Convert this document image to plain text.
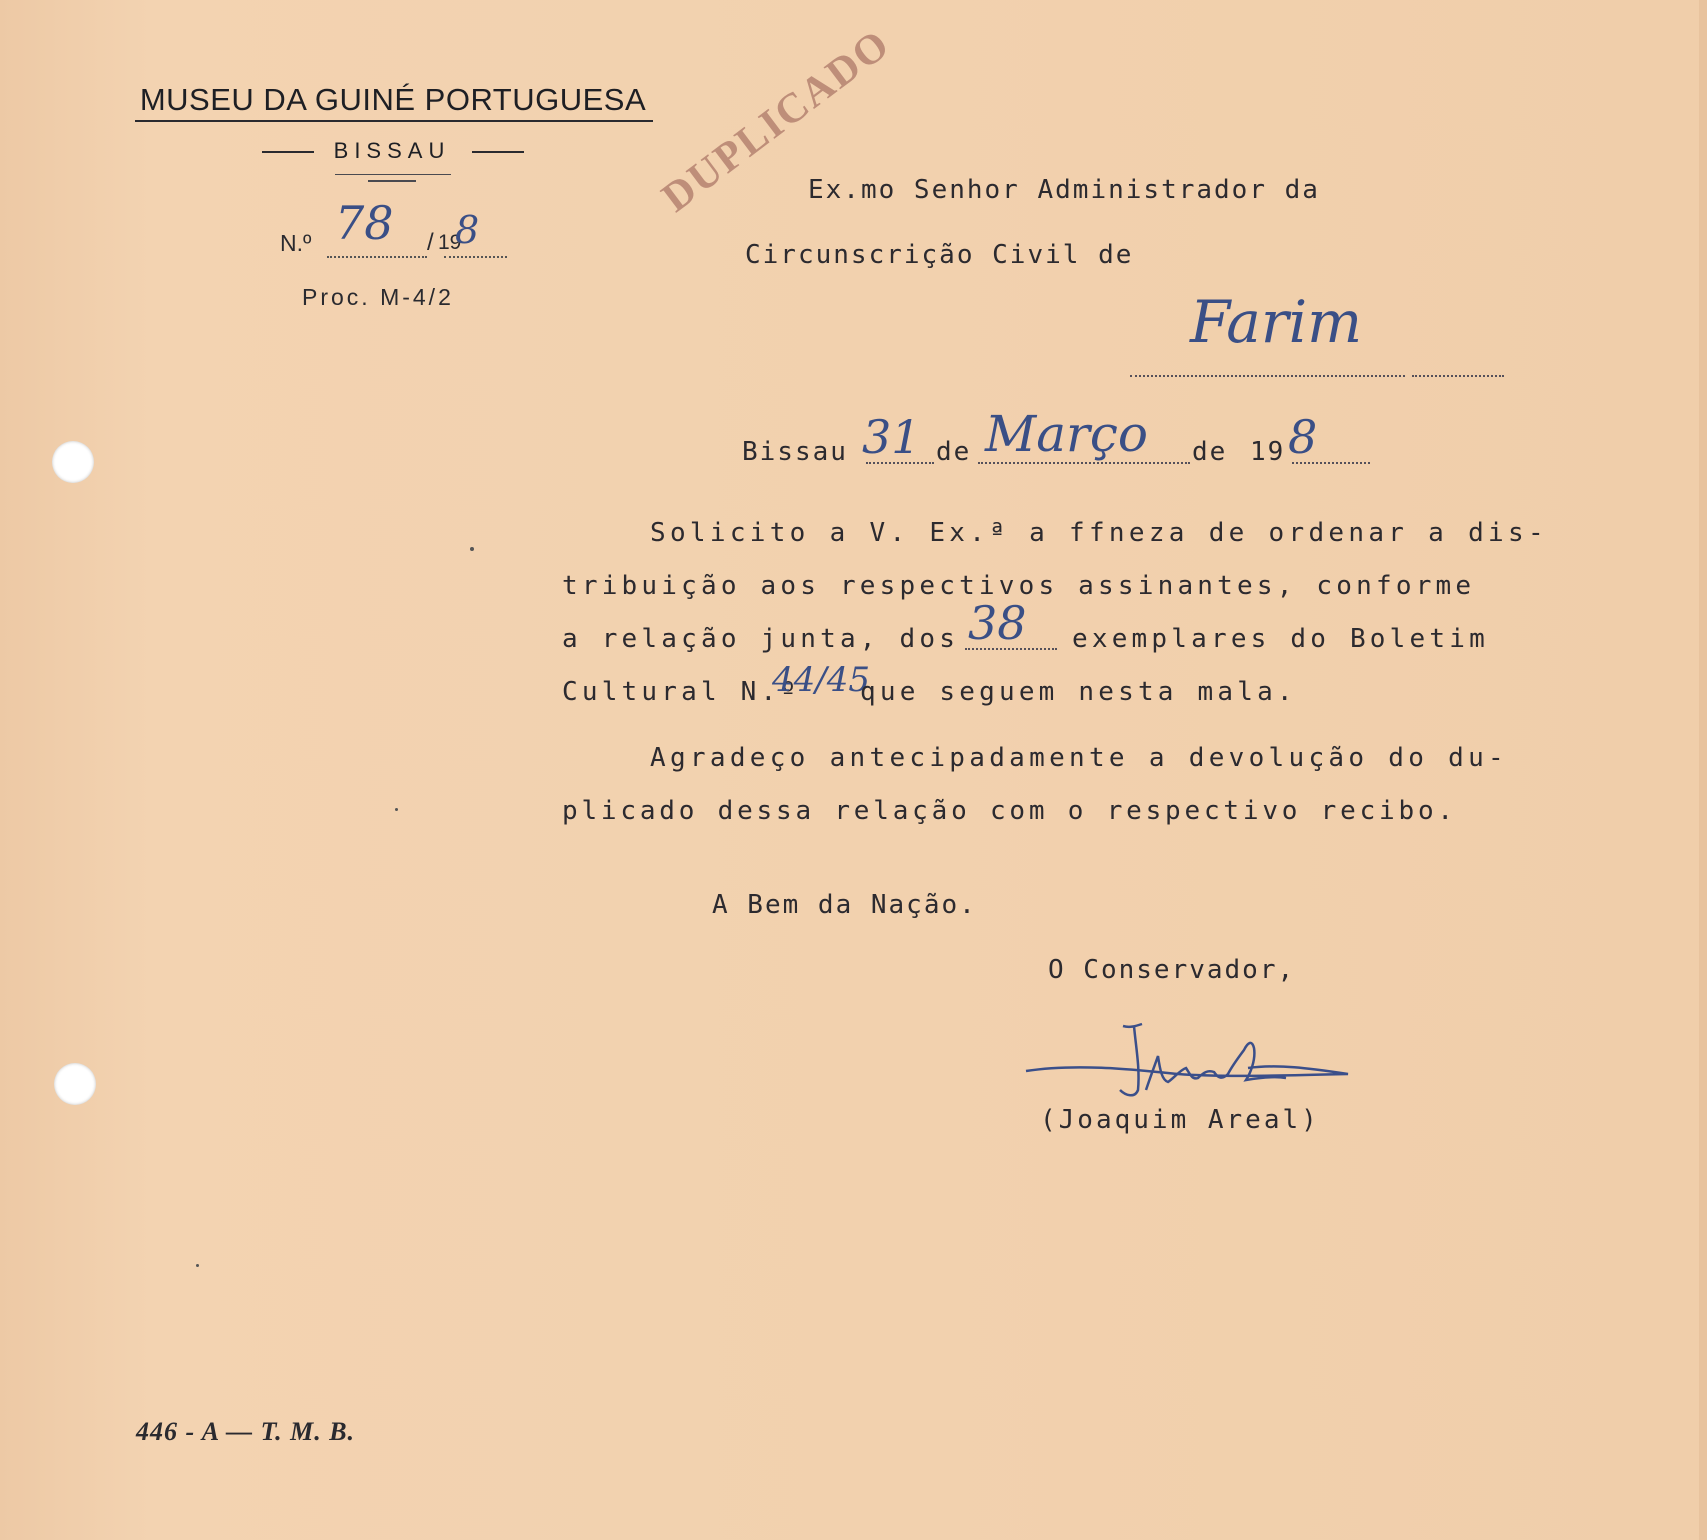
MUSEU DA GUINÉ PORTUGUESA
BISSAU
N.º 78 / 19
8
Proc. M-4/2
DUPLICADO
Ex.mo Senhor Administrador da
Circunscrição Civil de
Farim
Bissau 31 de Março de 19 8
Solicito a V. Ex.ª a ffneza de ordenar a dis-
tribuição aos respectivos assinantes, conforme
a relação junta, dos 38 exemplares do Boletim
Cultural N.º
44/45
que seguem nesta mala.
Agradeço antecipadamente a devolução do du-
plicado dessa relação com o respectivo recibo.
A Bem da Nação.
O Conservador,
(Joaquim Areal)
446 - A — T. M. B.
